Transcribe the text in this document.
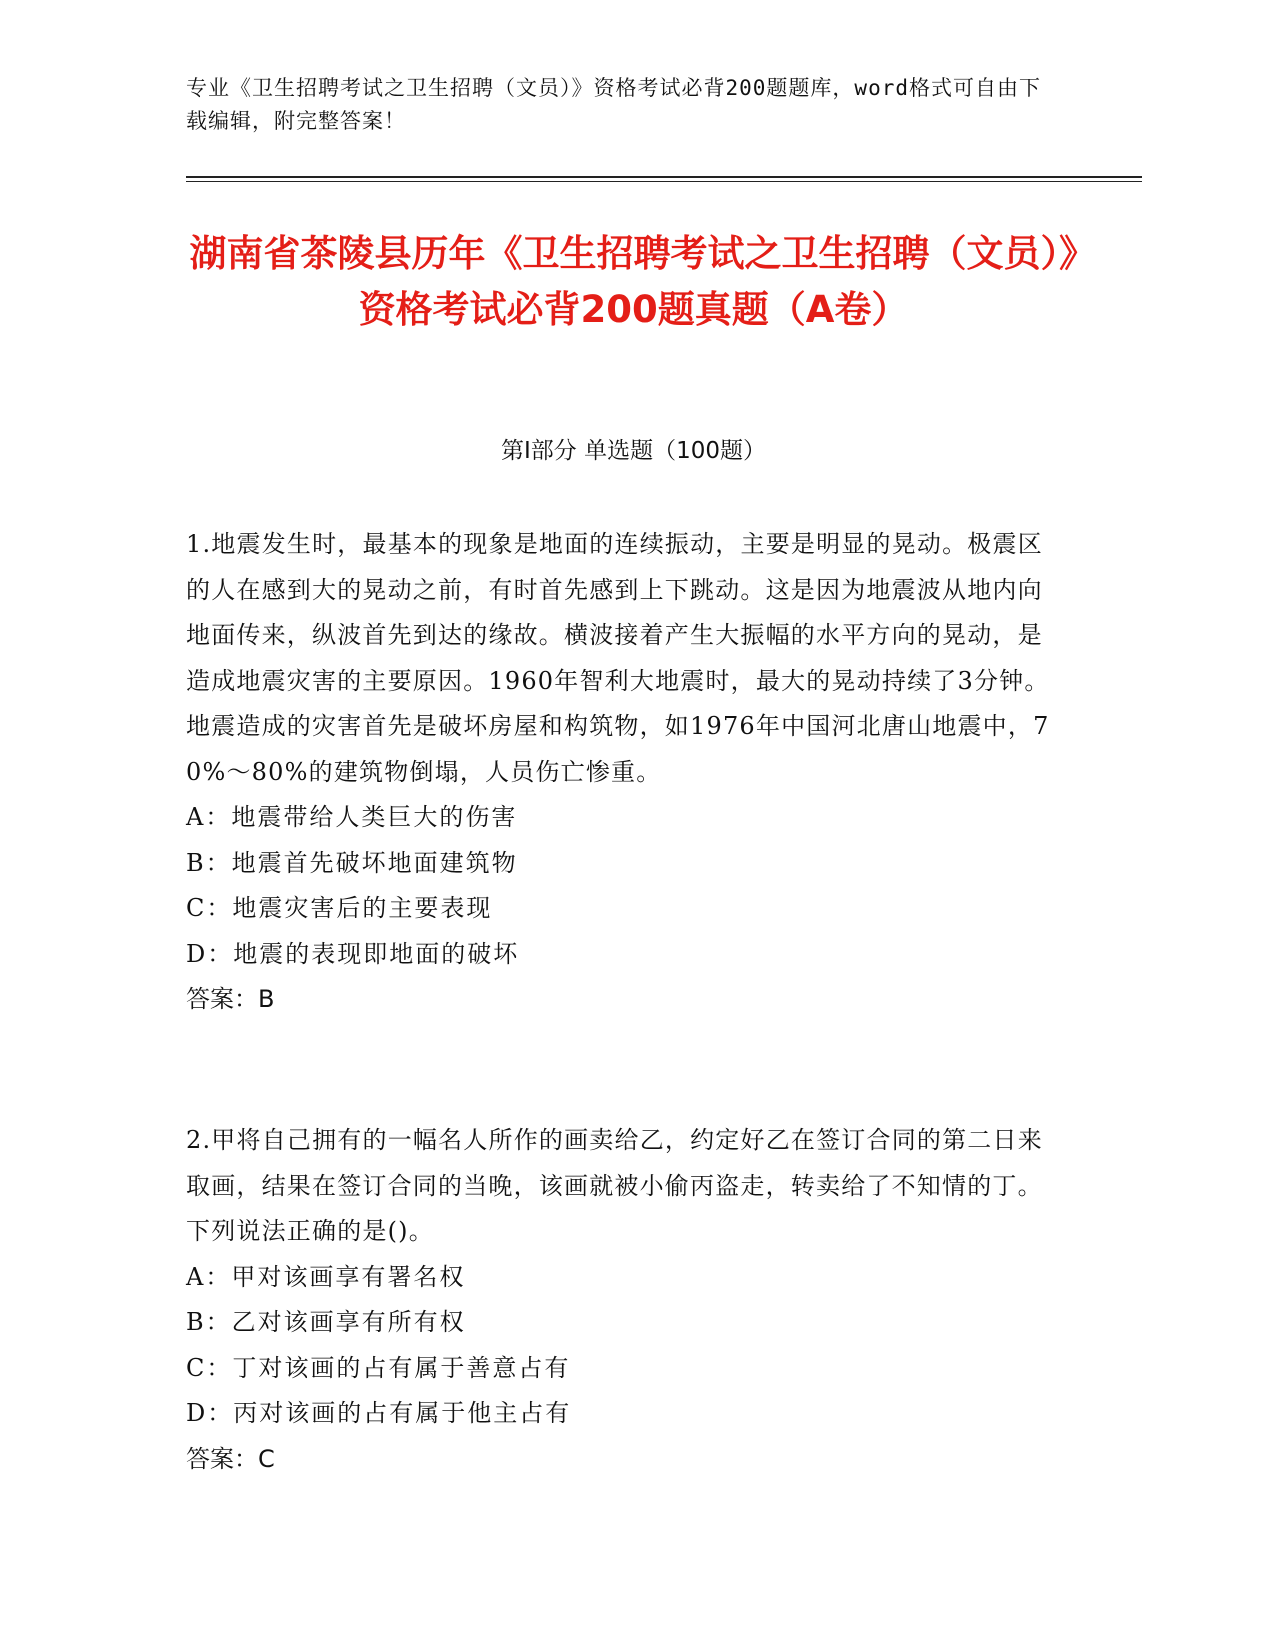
专业《卫生招聘考试之卫生招聘（文员）》资格考试必背200题题库，word格式可自由下载编辑，附完整答案！
湖南省茶陵县历年《卫生招聘考试之卫生招聘（文员）》资格考试必背200题真题（A卷）
第Ⅰ部分 单选题（100题）
1.地震发生时，最基本的现象是地面的连续振动，主要是明显的晃动。极震区的人在感到大的晃动之前，有时首先感到上下跳动。这是因为地震波从地内向地面传来，纵波首先到达的缘故。横波接着产生大振幅的水平方向的晃动，是造成地震灾害的主要原因。1960年智利大地震时，最大的晃动持续了3分钟。地震造成的灾害首先是破坏房屋和构筑物，如1976年中国河北唐山地震中，70%～80%的建筑物倒塌，人员伤亡惨重。
A：地震带给人类巨大的伤害
B：地震首先破坏地面建筑物
C：地震灾害后的主要表现
D：地震的表现即地面的破坏
答案：B
2.甲将自己拥有的一幅名人所作的画卖给乙，约定好乙在签订合同的第二日来取画，结果在签订合同的当晚，该画就被小偷丙盗走，转卖给了不知情的丁。下列说法正确的是()。
A：甲对该画享有署名权
B：乙对该画享有所有权
C：丁对该画的占有属于善意占有
D：丙对该画的占有属于他主占有
答案：C
